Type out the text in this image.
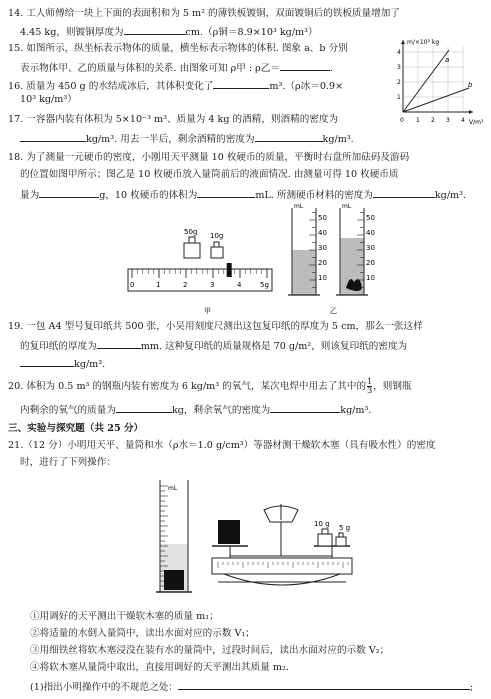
14. 工人师傅给一块上下面的表面积和为 5 m² 的薄铁板镀铜，双面镀铜后的铁板质量增加了
4.45 kg，则镀铜厚度为	cm.（ρ铜＝8.9×10³ kg/m³）
15. 如图所示，纵坐标表示物体的质量，横坐标表示物体的体积. 图象 a、b 分别
表示物体甲、乙的质量与体积的关系. 由图象可知 ρ甲 : ρ乙＝	.
a
b
m/×10³ kg
V/m³
1
2
3
4
0 1 2 3 4
16. 质量为 450 g 的水结成冰后，其体积变化了	m³.（ρ冰＝0.9×
10³ kg/m³）
17. 一容器内装有体积为 5×10⁻³ m³、质量为 4 kg 的酒精，则酒精的密度为
kg/m³. 用去一半后，剩余酒精的密度为	kg/m³.
18. 为了测量一元硬币的密度，小刚用天平测量 10 枚硬币的质量，平衡时右盘所加砝码及游码
的位置如图甲所示；图乙是 10 枚硬币放入量筒前后的液面情况. 由测量可得 10 枚硬币质
量为	g，10 枚硬币的体积为	mL. 所测硬币材料的密度为	kg/m³.
50g 10g
0	1	2	3	4	5g
甲
mL	mL
50
40
30
20
10
50
40
30
20
10
乙
19. 一包 A4 型号复印纸共 500 张，小吴用刻度尺测出这包复印纸的厚度为 5 cm，那么一张这样
的复印纸的厚度为	mm. 这种复印纸的质量规格是 70 g/m²，则该复印纸的密度为
kg/m³.
20. 体积为 0.5 m³ 的钢瓶内装有密度为 6 kg/m³ 的氧气，某次电焊中用去了其中的 $\frac{1}{3}$ ，则钢瓶
内剩余的氧气的质量为	kg，剩余氧气的密度为	kg/m³.
三、实验与探究题（共 25 分）
21.（12 分）小明用天平、量筒和水（ρ水＝1.0 g/cm³）等器材测干燥软木塞（具有吸水性）的密度
时，进行了下列操作：
mL
10 g 5 g
①用调好的天平测出干燥软木塞的质量 m₁；
②将适量的水倒入量筒中，读出水面对应的示数 V₁；
③用细铁丝将软木塞浸没在装有水的量筒中，过段时间后，读出水面对应的示数 V₂；
④将软木塞从量筒中取出，直接用调好的天平测出其质量 m₂.
(1)指出小明操作中的不规范之处：	;
